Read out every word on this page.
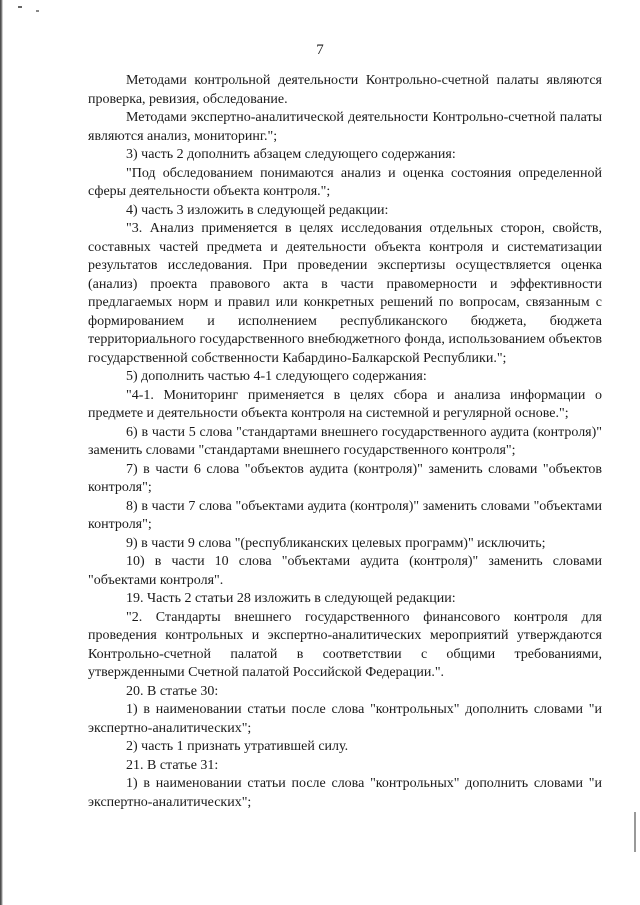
7

Методами контрольной деятельности Контрольно-счетной палаты являются проверка, ревизия, обследование.

Методами экспертно-аналитической деятельности Контрольно-счетной палаты являются анализ, мониторинг.";

3) часть 2 дополнить абзацем следующего содержания:

"Под обследованием понимаются анализ и оценка состояния определенной сферы деятельности объекта контроля.";

4) часть 3 изложить в следующей редакции:

"3. Анализ применяется в целях исследования отдельных сторон, свойств, составных частей предмета и деятельности объекта контроля и систематизации результатов исследования. При проведении экспертизы осуществляется оценка (анализ) проекта правового акта в части правомерности и эффективности предлагаемых норм и правил или конкретных решений по вопросам, связанным с формированием и исполнением республиканского бюджета, бюджета территориального государственного внебюджетного фонда, использованием объектов государственной собственности Кабардино-Балкарской Республики.";

5) дополнить частью 4-1 следующего содержания:

"4-1. Мониторинг применяется в целях сбора и анализа информации о предмете и деятельности объекта контроля на системной и регулярной основе.";

6) в части 5 слова "стандартами внешнего государственного аудита (контроля)" заменить словами "стандартами внешнего государственного контроля";

7) в части 6 слова "объектов аудита (контроля)" заменить словами "объектов контроля";

8) в части 7 слова "объектами аудита (контроля)" заменить словами "объектами контроля";

9) в части 9 слова "(республиканских целевых программ)" исключить;

10) в части 10 слова "объектами аудита (контроля)" заменить словами "объектами контроля".

19. Часть 2 статьи 28 изложить в следующей редакции:

"2. Стандарты внешнего государственного финансового контроля для проведения контрольных и экспертно-аналитических мероприятий утверждаются Контрольно-счетной палатой в соответствии с общими требованиями, утвержденными Счетной палатой Российской Федерации.".

20. В статье 30:

1) в наименовании статьи после слова "контрольных" дополнить словами "и экспертно-аналитических";

2) часть 1 признать утратившей силу.

21. В статье 31:

1) в наименовании статьи после слова "контрольных" дополнить словами "и экспертно-аналитических";
